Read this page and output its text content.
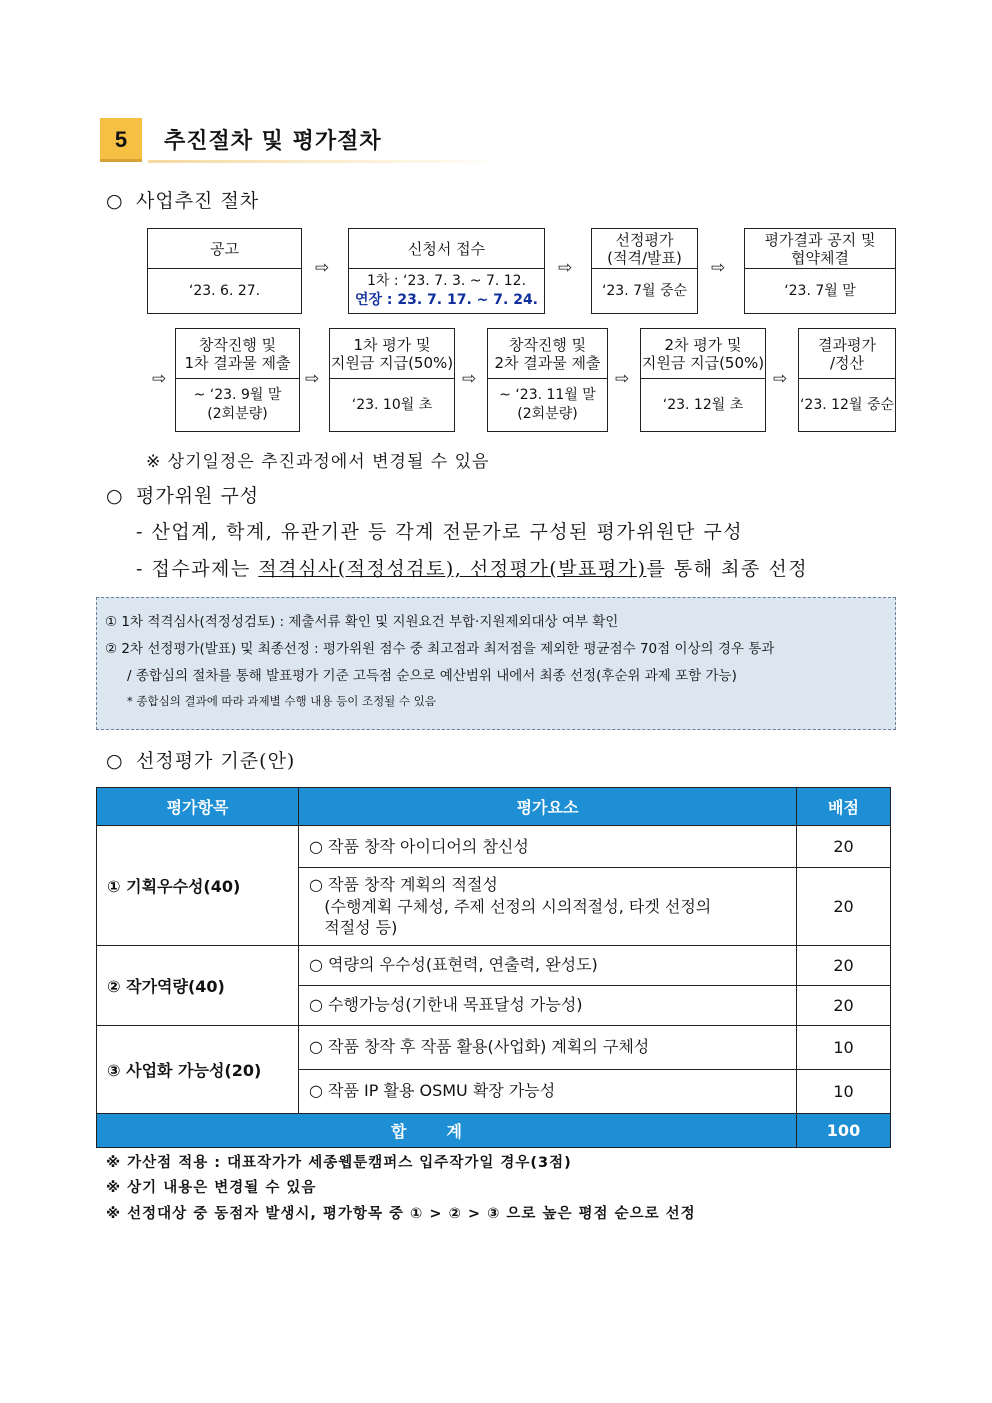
5	추진절차 및 평가절차
○ 사업추진 절차
공고
‘23. 6. 27.
신청서 접수
1차 : ‘23. 7. 3. ~ 7. 12.
연장 : 23. 7. 17. ~ 7. 24.
선정평가
(적격/발표)
‘23. 7월 중순
평가결과 공지 및
협약체결
‘23. 7월 말
창작진행 및
1차 결과물 제출
~ ‘23. 9월 말
(2회분량)
1차 평가 및
지원금 지급(50%)
‘23. 10월 초
창작진행 및
2차 결과물 제출
~ ‘23. 11월 말
(2회분량)
2차 평가 및
지원금 지급(50%)
‘23. 12월 초
결과평가
/정산
‘23. 12월 중순
⇨	⇨	⇨
⇨	⇨	⇨	⇨	⇨
※ 상기일정은 추진과정에서 변경될 수 있음
○ 평가위원 구성
- 산업계, 학계, 유관기관 등 각계 전문가로 구성된 평가위원단 구성
- 접수과제는 적격심사(적정성검토), 선정평가(발표평가)를 통해 최종 선정
① 1차 적격심사(적정성검토) : 제출서류 확인 및 지원요건 부합·지원제외대상 여부 확인
② 2차 선정평가(발표) 및 최종선정 : 평가위원 점수 중 최고점과 최저점을 제외한 평균점수 70점 이상의 경우 통과
/ 종합심의 절차를 통해 발표평가 기준 고득점 순으로 예산범위 내에서 최종 선정(후순위 과제 포함 가능)
* 종합심의 결과에 따라 과제별 수행 내용 등이 조정될 수 있음
○ 선정평가 기준(안)
평가항목	평가요소	배점
① 기획우수성(40)	○ 작품 창작 아이디어의 참신성	20
	○ 작품 창작 계획의 적절성
(수행계획 구체성, 주제 선정의 시의적절성, 타겟 선정의
적절성 등)	20
② 작가역량(40)	○ 역량의 우수성(표현력, 연출력, 완성도)	20
	○ 수행가능성(기한내 목표달성 가능성)	20
③ 사업화 가능성(20)	○ 작품 창작 후 작품 활용(사업화) 계획의 구체성	10
	○ 작품 IP 활용 OSMU 확장 가능성	10
합계		100
※ 가산점 적용 : 대표작가가 세종웹툰캠퍼스 입주작가일 경우(3점)
※ 상기 내용은 변경될 수 있음
※ 선정대상 중 동점자 발생시, 평가항목 중 ① > ② > ③ 으로 높은 평점 순으로 선정
